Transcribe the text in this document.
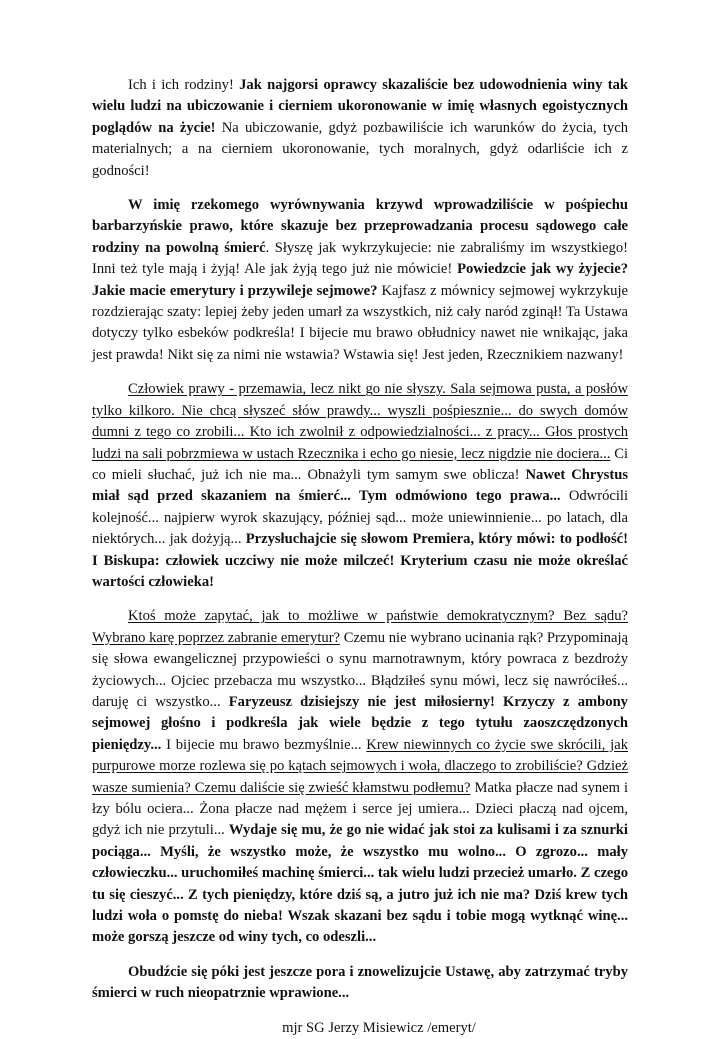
Ich i ich rodziny! Jak najgorsi oprawcy skazaliście bez udowodnienia winy tak wielu ludzi na ubiczowanie i cierniem ukoronowanie w imię własnych egoistycznych poglądów na życie! Na ubiczowanie, gdyż pozbawiliście ich warunków do życia, tych materialnych; a na cierniem ukoronowanie, tych moralnych, gdyż odarliście ich z godności!

W imię rzekomego wyrównywania krzywd wprowadziliście w pośpiechu barbarzyńskie prawo, które skazuje bez przeprowadzania procesu sądowego całe rodziny na powolną śmierć. Słyszę jak wykrzykujecie: nie zabraliśmy im wszystkiego! Inni też tyle mają i żyją! Ale jak żyją tego już nie mówicie! Powiedzcie jak wy żyjecie? Jakie macie emerytury i przywileje sejmowe? Kajfasz z mównicy sejmowej wykrzykuje rozdzierając szaty: lepiej żeby jeden umarł za wszystkich, niż cały naród zginął! Ta Ustawa dotyczy tylko esbeków podkreśla! I bijecie mu brawo obłudnicy nawet nie wnikając, jaka jest prawda! Nikt się za nimi nie wstawia? Wstawia się! Jest jeden, Rzecznikiem nazwany!

Człowiek prawy - przemawia, lecz nikt go nie słyszy. Sala sejmowa pusta, a posłów tylko kilkoro. Nie chcą słyszeć słów prawdy... wyszli pośpiesznie... do swych domów dumni z tego co zrobili... Kto ich zwolnił z odpowiedzialności... z pracy... Głos prostych ludzi na sali pobrzmiewa w ustach Rzecznika i echo go niesie, lecz nigdzie nie dociera... Ci co mieli słuchać, już ich nie ma... Obnażyli tym samym swe oblicza! Nawet Chrystus miał sąd przed skazaniem na śmierć... Tym odmówiono tego prawa... Odwrócili kolejność... najpierw wyrok skazujący, później sąd... może uniewinnienie... po latach, dla niektórych... jak dożyją... Przysłuchajcie się słowom Premiera, który mówi: to podłość! I Biskupa: człowiek uczciwy nie może milczeć! Kryterium czasu nie może określać wartości człowieka!

Ktoś może zapytać, jak to możliwe w państwie demokratycznym? Bez sądu? Wybrano karę poprzez zabranie emerytur? Czemu nie wybrano ucinania rąk? Przypominają się słowa ewangelicznej przypowieści o synu marnotrawnym, który powraca z bezdroży życiowych... Ojciec przebacza mu wszystko... Błądziłeś synu mówi, lecz się nawróciłeś... daruję ci wszystko... Faryzeusz dzisiejszy nie jest miłosierny! Krzyczy z ambony sejmowej głośno i podkreśla jak wiele będzie z tego tytułu zaoszczędzonych pieniędzy... I bijecie mu brawo bezmyślnie... Krew niewinnych co życie swe skrócili, jak purpurowe morze rozlewa się po kątach sejmowych i woła, dlaczego to zrobiliście? Gdzież wasze sumienia? Czemu daliście się zwieść kłamstwu podłemu? Matka płacze nad synem i łzy bólu ociera... Żona płacze nad mężem i serce jej umiera... Dzieci płaczą nad ojcem, gdyż ich nie przytuli... Wydaje się mu, że go nie widać jak stoi za kulisami i za sznurki pociąga... Myśli, że wszystko może, że wszystko mu wolno... O zgrozo... mały człowieczku... uruchomiłeś machinę śmierci... tak wielu ludzi przecież umarło. Z czego tu się cieszyć... Z tych pieniędzy, które dziś są, a jutro już ich nie ma? Dziś krew tych ludzi woła o pomstę do nieba! Wszak skazani bez sądu i tobie mogą wytknąć winę... może gorszą jeszcze od winy tych, co odeszli...

Obudźcie się póki jest jeszcze pora i znowelizujcie Ustawę, aby zatrzymać tryby śmierci w ruch nieopatrznie wprawione...

mjr SG Jerzy Misiewicz /emeryt/
